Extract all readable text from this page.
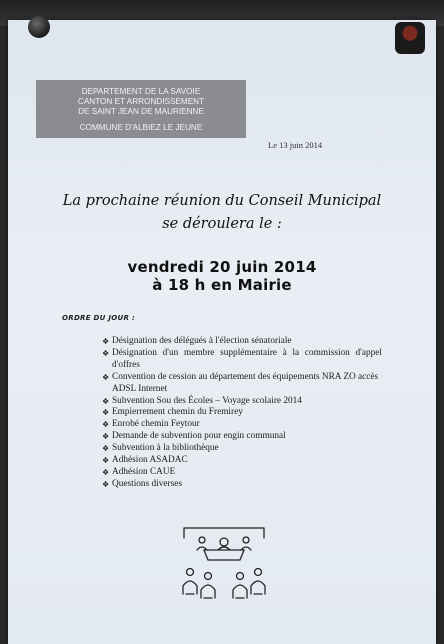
DEPARTEMENT DE LA SAVOIE
CANTON ET ARRONDISSEMENT
DE SAINT JEAN DE MAURIENNE
COMMUNE D'ALBIEZ LE JEUNE
Le 13 juin 2014
La prochaine réunion du Conseil Municipal
se déroulera le :
vendredi 20 juin 2014
à 18 h en Mairie
ORDRE DU JOUR :
❖ Désignation des délégués à l'élection sénatoriale
❖ Désignation d'un membre supplémentaire à la commission d'appel d'offres
❖ Convention de cession au département des équipements NRA ZO accès ADSL Internet
❖ Subvention Sou des Écoles – Voyage scolaire 2014
❖ Empierrement chemin du Fremirey
❖ Enrobé chemin Feytour
❖ Demande de subvention pour engin communal
❖ Subvention à la bibliothèque
❖ Adhésion ASADAC
❖ Adhésion CAUE
❖ Questions diverses
